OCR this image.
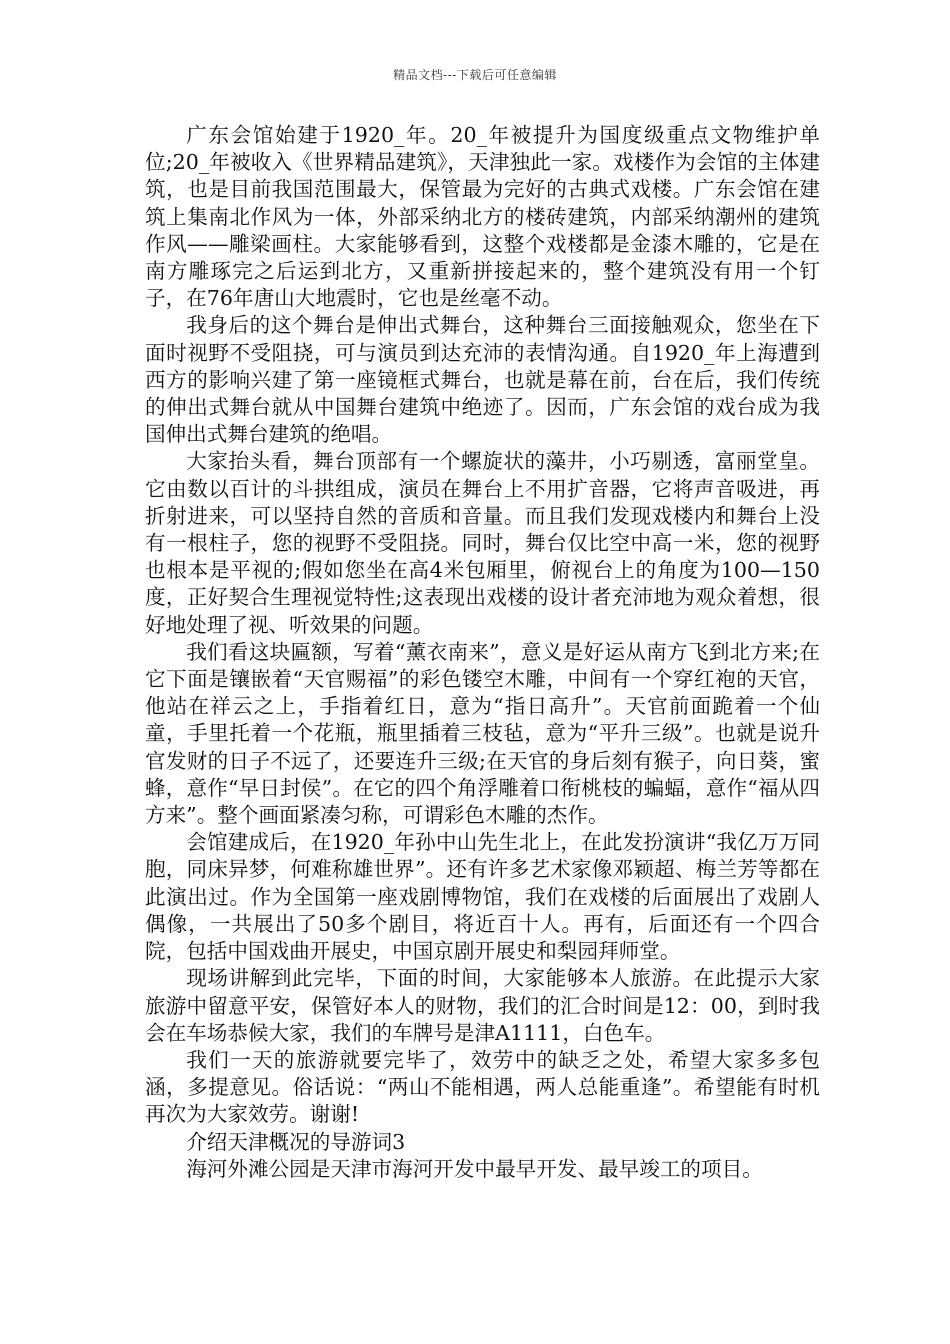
精品文档---下载后可任意编辑

广东会馆始建于1920_年。20_年被提升为国度级重点文物维护单位;20_年被收入《世界精品建筑》，天津独此一家。戏楼作为会馆的主体建筑，也是目前我国范围最大，保管最为完好的古典式戏楼。广东会馆在建筑上集南北作风为一体，外部采纳北方的楼砖建筑，内部采纳潮州的建筑作风——雕梁画柱。大家能够看到，这整个戏楼都是金漆木雕的，它是在南方雕琢完之后运到北方，又重新拼接起来的，整个建筑没有用一个钉子，在76年唐山大地震时，它也是丝毫不动。

我身后的这个舞台是伸出式舞台，这种舞台三面接触观众，您坐在下面时视野不受阻挠，可与演员到达充沛的表情沟通。自1920_年上海遭到西方的影响兴建了第一座镜框式舞台，也就是幕在前，台在后，我们传统的伸出式舞台就从中国舞台建筑中绝迹了。因而，广东会馆的戏台成为我国伸出式舞台建筑的绝唱。

大家抬头看，舞台顶部有一个螺旋状的藻井，小巧剔透，富丽堂皇。它由数以百计的斗拱组成，演员在舞台上不用扩音器，它将声音吸进，再折射进来，可以坚持自然的音质和音量。而且我们发现戏楼内和舞台上没有一根柱子，您的视野不受阻挠。同时，舞台仅比空中高一米，您的视野也根本是平视的;假如您坐在高4米包厢里，俯视台上的角度为100—150度，正好契合生理视觉特性;这表现出戏楼的设计者充沛地为观众着想，很好地处理了视、听效果的问题。

我们看这块匾额，写着“薰衣南来”，意义是好运从南方飞到北方来;在它下面是镶嵌着“天官赐福”的彩色镂空木雕，中间有一个穿红袍的天官，他站在祥云之上，手指着红日，意为“指日高升”。天官前面跪着一个仙童，手里托着一个花瓶，瓶里插着三枝毡，意为“平升三级”。也就是说升官发财的日子不远了，还要连升三级;在天官的身后刻有猴子，向日葵，蜜蜂，意作“早日封侯”。在它的四个角浮雕着口衔桃枝的蝙蝠，意作“福从四方来”。整个画面紧凑匀称，可谓彩色木雕的杰作。

会馆建成后，在1920_年孙中山先生北上，在此发扮演讲“我亿万万同胞，同床异梦，何难称雄世界”。还有许多艺术家像邓颖超、梅兰芳等都在此演出过。作为全国第一座戏剧博物馆，我们在戏楼的后面展出了戏剧人偶像，一共展出了50多个剧目，将近百十人。再有，后面还有一个四合院，包括中国戏曲开展史，中国京剧开展史和梨园拜师堂。

现场讲解到此完毕，下面的时间，大家能够本人旅游。在此提示大家旅游中留意平安，保管好本人的财物，我们的汇合时间是12：00，到时我会在车场恭候大家，我们的车牌号是津A1111，白色车。

我们一天的旅游就要完毕了，效劳中的缺乏之处，希望大家多多包涵，多提意见。俗话说：“两山不能相遇，两人总能重逢”。希望能有时机再次为大家效劳。谢谢!

介绍天津概况的导游词3

海河外滩公园是天津市海河开发中最早开发、最早竣工的项目。
